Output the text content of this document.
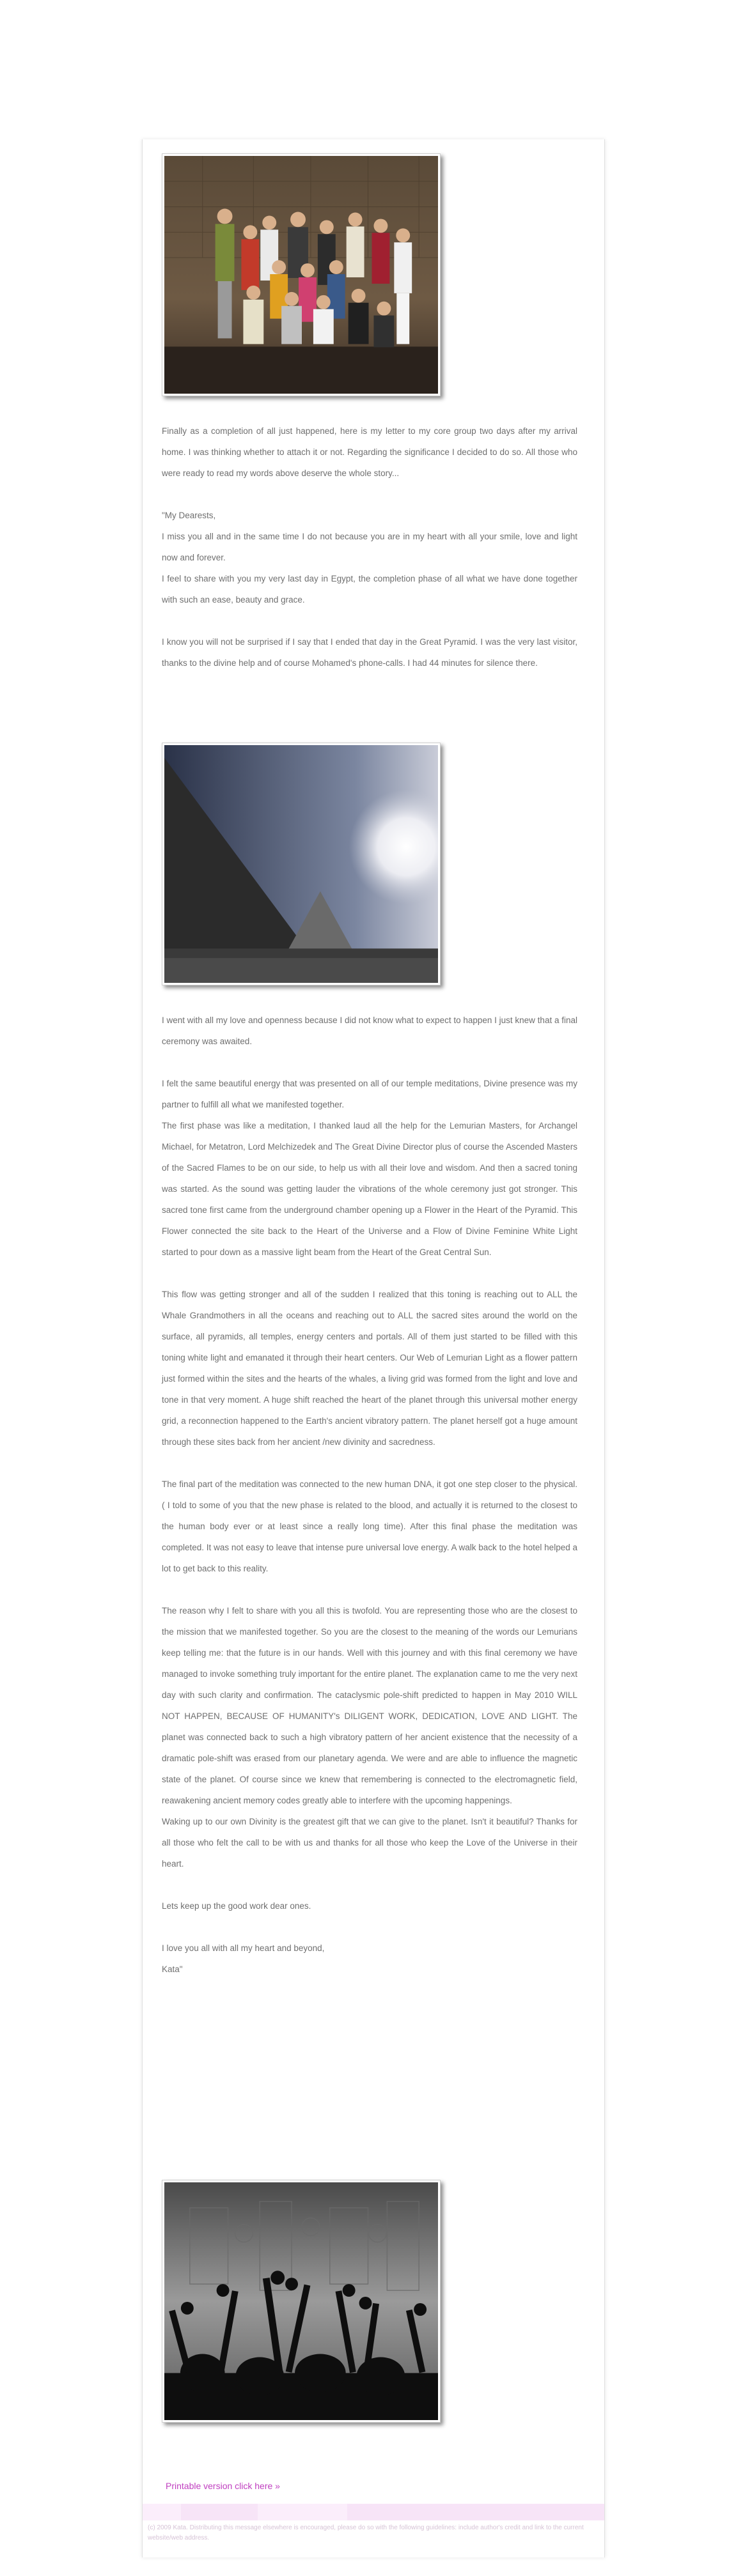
Finally as a completion of all just happened, here is my letter to my core group two days after my arrival home. I was thinking whether to attach it or not. Regarding the significance I decided to do so. All those who were ready to read my words above deserve the whole story...

"My Dearests,

I miss you all and in the same time I do not because you are in my heart with all your smile, love and light now and forever.

I feel to share with you my very last day in Egypt, the completion phase of all what we have done together with such an ease, beauty and grace.

I know you will not be surprised if I say that I ended that day in the Great Pyramid. I was the very last visitor, thanks to the divine help and of course Mohamed's phone-calls. I had 44 minutes for silence there.

I went with all my love and openness because I did not know what to expect to happen I just knew that a final ceremony was awaited.

I felt the same beautiful energy that was presented on all of our temple meditations, Divine presence was my partner to fulfill all what we manifested together.

The first phase was like a meditation, I thanked laud all the help for the Lemurian Masters, for Archangel Michael, for Metatron, Lord Melchizedek and The Great Divine Director plus of course the Ascended Masters of the Sacred Flames to be on our side, to help us with all their love and wisdom. And then a sacred toning was started. As the sound was getting lauder the vibrations of the whole ceremony just got stronger. This sacred tone first came from the underground chamber opening up a Flower in the Heart of the Pyramid. This Flower connected the site back to the Heart of the Universe and a Flow of Divine Feminine White Light started to pour down as a massive light beam from the Heart of the Great Central Sun.

This flow was getting stronger and all of the sudden I realized that this toning is reaching out to ALL the Whale Grandmothers in all the oceans and reaching out to ALL the sacred sites around the world on the surface, all pyramids, all temples, energy centers and portals. All of them just started to be filled with this toning white light and emanated it through their heart centers. Our Web of Lemurian Light as a flower pattern just formed within the sites and the hearts of the whales, a living grid was formed from the light and love and tone in that very moment. A huge shift reached the heart of the planet through this universal mother energy grid, a reconnection happened to the Earth's ancient vibratory pattern. The planet herself got a huge amount through these sites back from her ancient /new divinity and sacredness.

The final part of the meditation was connected to the new human DNA, it got one step closer to the physical. ( I told to some of you that the new phase is related to the blood, and actually it is returned to the closest to the human body ever or at least since a really long time). After this final phase the meditation was completed. It was not easy to leave that intense pure universal love energy. A walk back to the hotel helped a lot to get back to this reality.

The reason why I felt to share with you all this is twofold. You are representing those who are the closest to the mission that we manifested together. So you are the closest to the meaning of the words our Lemurians keep telling me: that the future is in our hands. Well with this journey and with this final ceremony we have managed to invoke something truly important for the entire planet. The explanation came to me the very next day with such clarity and confirmation. The cataclysmic pole-shift predicted to happen in May 2010 WILL NOT HAPPEN, BECAUSE OF HUMANITY's DILIGENT WORK, DEDICATION, LOVE AND LIGHT. The planet was connected back to such a high vibratory pattern of her ancient existence that the necessity of a dramatic pole-shift was erased from our planetary agenda. We were and are able to influence the magnetic state of the planet. Of course since we knew that remembering is connected to the electromagnetic field, reawakening ancient memory codes greatly able to interfere with the upcoming happenings.

Waking up to our own Divinity is the greatest gift that we can give to the planet. Isn't it beautiful? Thanks for all those who felt the call to be with us and thanks for all those who keep the Love of the Universe in their heart.

Lets keep up the good work dear ones.

I love you all with all my heart and beyond,

Kata"

Printable version click here »
(c) 2009 Kata. Distributing this message elsewhere is encouraged, please do so with the following guidelines: include author's credit and link to the current website/web address.
